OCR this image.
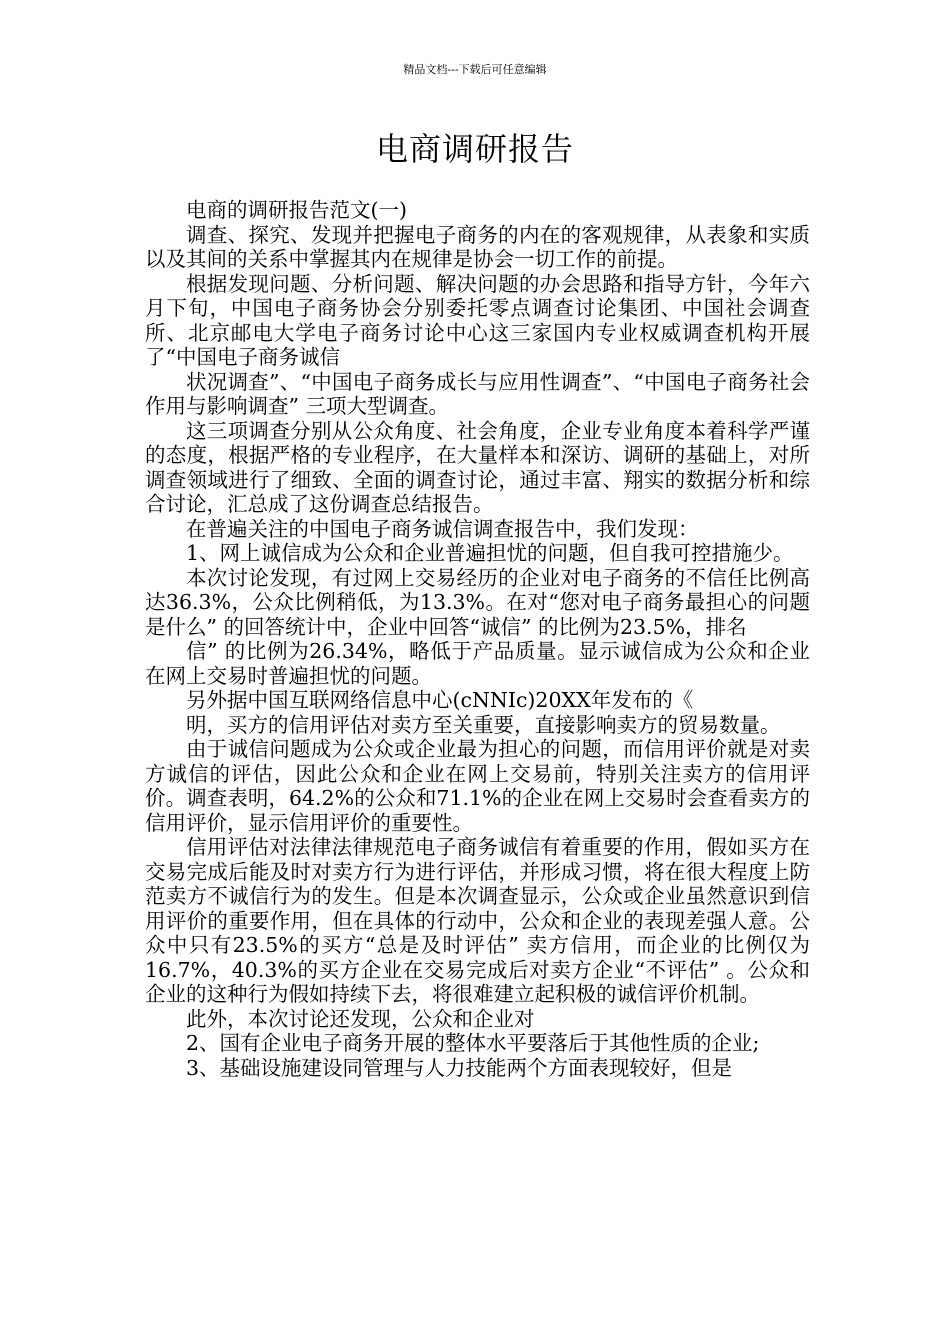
精品文档---下载后可任意编辑
电商调研报告

电商的调研报告范文(一)

调查、探究、发现并把握电子商务的内在的客观规律，从表象和实质以及其间的关系中掌握其内在规律是协会一切工作的前提。

根据发现问题、分析问题、解决问题的办会思路和指导方针，今年六月下旬，中国电子商务协会分别委托零点调查讨论集团、中国社会调查所、北京邮电大学电子商务讨论中心这三家国内专业权威调查机构开展了“中国电子商务诚信

状况调查”、“中国电子商务成长与应用性调查”、“中国电子商务社会作用与影响调查” 三项大型调查。

这三项调查分别从公众角度、社会角度，企业专业角度本着科学严谨的态度，根据严格的专业程序，在大量样本和深访、调研的基础上，对所调查领域进行了细致、全面的调查讨论，通过丰富、翔实的数据分析和综合讨论，汇总成了这份调查总结报告。

在普遍关注的中国电子商务诚信调查报告中，我们发现：

1、网上诚信成为公众和企业普遍担忧的问题，但自我可控措施少。

本次讨论发现，有过网上交易经历的企业对电子商务的不信任比例高达36.3%，公众比例稍低，为13.3%。在对“您对电子商务最担心的问题是什么” 的回答统计中，企业中回答“诚信” 的比例为23.5%，排名

信” 的比例为26.34%，略低于产品质量。显示诚信成为公众和企业在网上交易时普遍担忧的问题。

另外据中国互联网络信息中心(cNNIc)20XX年发布的《

明，买方的信用评估对卖方至关重要，直接影响卖方的贸易数量。

由于诚信问题成为公众或企业最为担心的问题，而信用评价就是对卖方诚信的评估，因此公众和企业在网上交易前，特别关注卖方的信用评价。调查表明，64.2%的公众和71.1%的企业在网上交易时会查看卖方的信用评价，显示信用评价的重要性。

信用评估对法律法律规范电子商务诚信有着重要的作用，假如买方在交易完成后能及时对卖方行为进行评估，并形成习惯，将在很大程度上防范卖方不诚信行为的发生。但是本次调查显示，公众或企业虽然意识到信用评价的重要作用，但在具体的行动中，公众和企业的表现差强人意。公众中只有23.5%的买方“总是及时评估” 卖方信用，而企业的比例仅为16.7%，40.3%的买方企业在交易完成后对卖方企业“不评估” 。公众和企业的这种行为假如持续下去，将很难建立起积极的诚信评价机制。

此外，本次讨论还发现，公众和企业对

2、国有企业电子商务开展的整体水平要落后于其他性质的企业;

3、基础设施建设同管理与人力技能两个方面表现较好，但是
